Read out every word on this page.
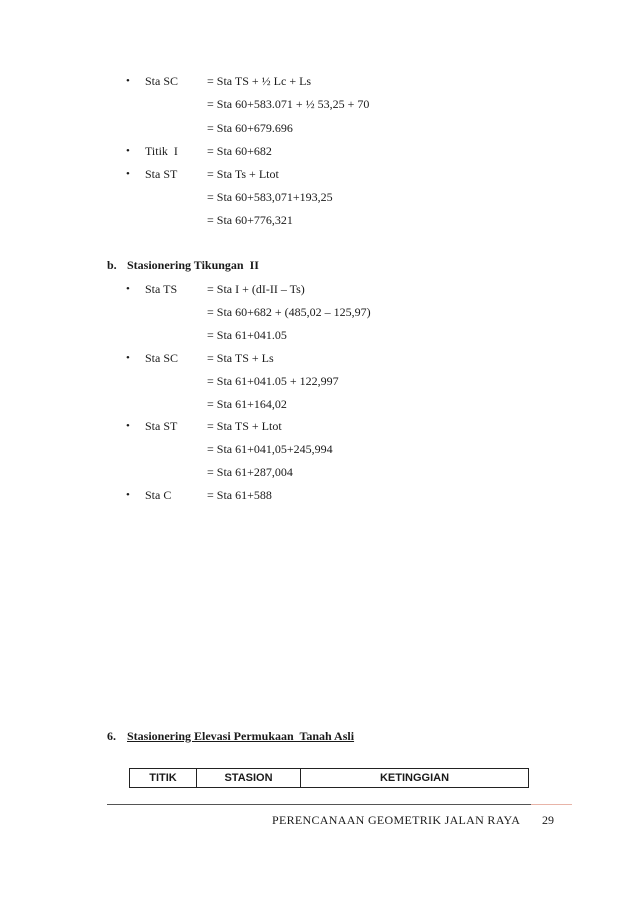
• Sta SC = Sta TS + ½ Lc + Ls
= Sta 60+583.071 + ½ 53,25 + 70
= Sta 60+679.696
• Titik  I = Sta 60+682
• Sta ST = Sta Ts + Ltot
= Sta 60+583,071+193,25
= Sta 60+776,321
b. Stasionering Tikungan  II
• Sta TS = Sta I + (dI-II – Ts)
= Sta 60+682 + (485,02 – 125,97)
= Sta 61+041.05
• Sta SC = Sta TS + Ls
= Sta 61+041.05 + 122,997
= Sta 61+164,02
• Sta ST = Sta TS + Ltot
= Sta 61+041,05+245,994
= Sta 61+287,004
• Sta C	= Sta 61+588
6. Stasionering Elevasi Permukaan  Tanah Asli
TITIK	STASION	KETINGGIAN
PERENCANAAN GEOMETRIK JALAN RAYA 29
